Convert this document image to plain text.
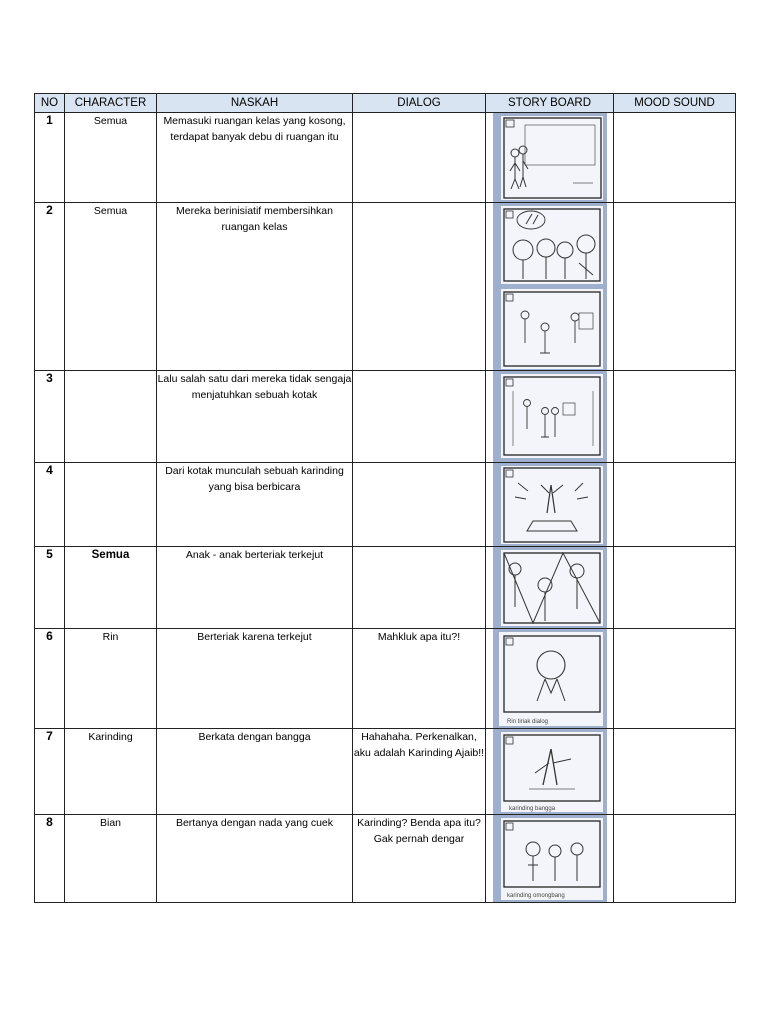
NO	CHARACTER	NASKAH	DIALOG	STORY BOARD	MOOD SOUND
1	Semua	Memasuki ruangan kelas yang kosong, terdapat banyak debu di ruangan itu		

2	Semua	Mereka berinisiatif membersihkan ruangan kelas		

3		Lalu salah satu dari mereka tidak sengaja menjatuhkan sebuah kotak		

4		Dari kotak munculah sebuah karinding yang bisa berbicara		

5	Semua	Anak - anak berteriak terkejut		

6	Rin	Berteriak karena terkejut	Mahkluk apa itu?!	Rin tiriak dialog	

7	Karinding	Berkata dengan bangga	Hahahaha. Perkenalkan, aku adalah Karinding Ajaib!!	karinding bangga	

8	Bian	Bertanya dengan nada yang cuek	Karinding? Benda apa itu? Gak pernah dengar	karinding omongbang	
